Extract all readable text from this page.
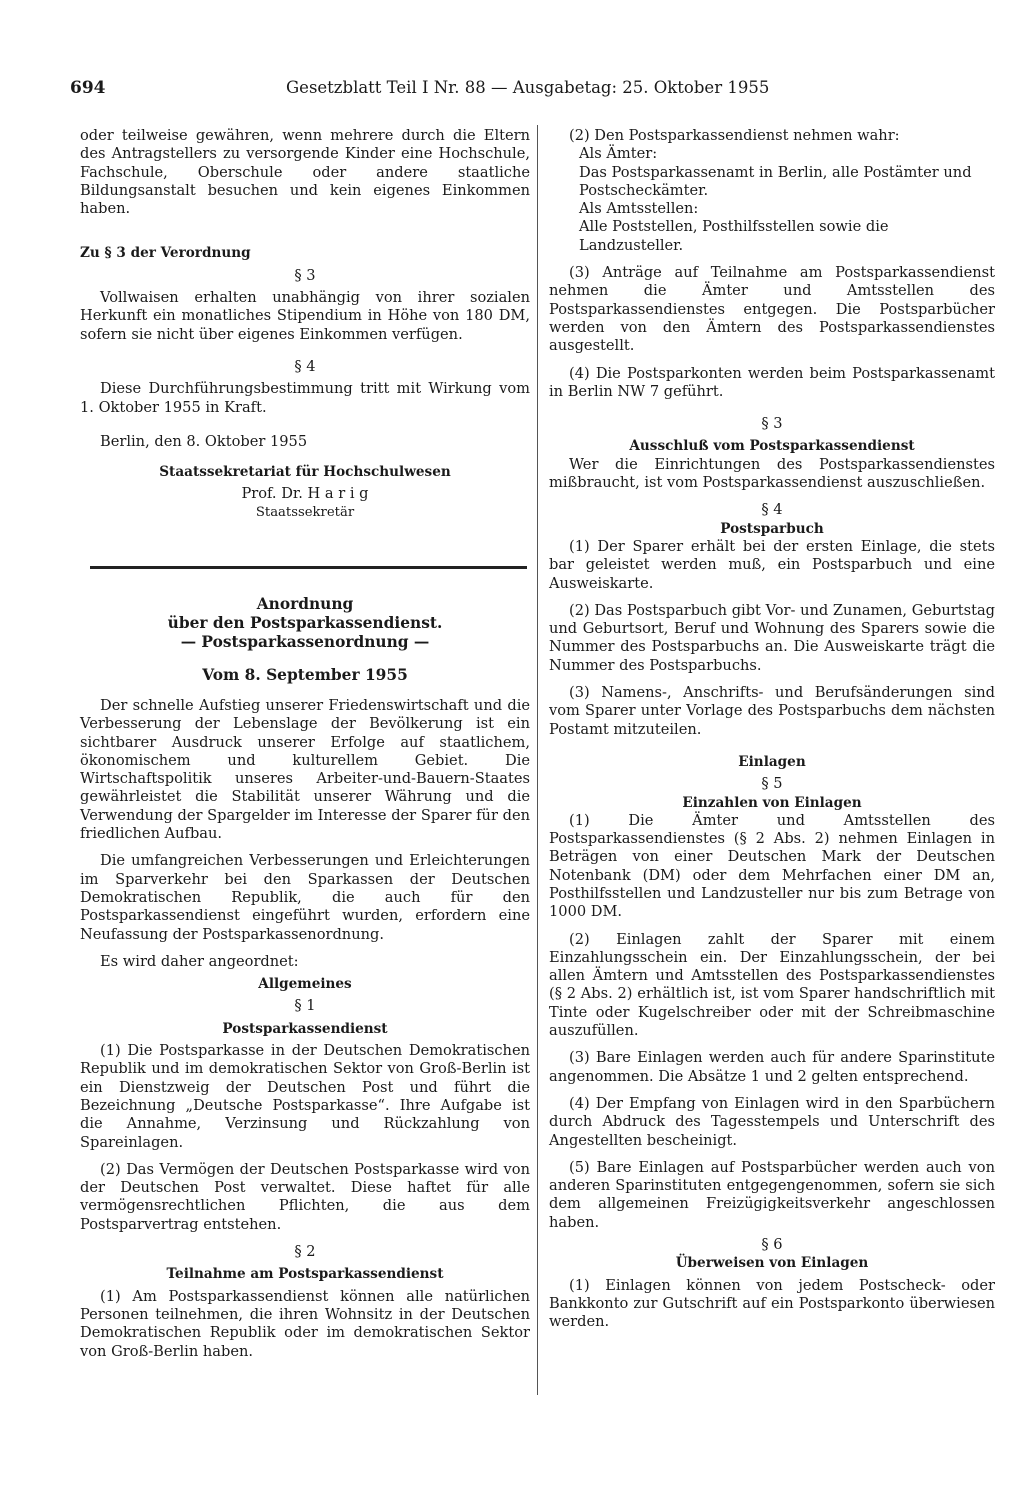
694	Gesetzblatt Teil I Nr. 88 — Ausgabetag: 25. Oktober 1955

oder teilweise gewähren, wenn mehrere durch die Eltern des Antragstellers zu versorgende Kinder eine Hochschule, Fachschule, Oberschule oder andere staatliche Bildungsanstalt besuchen und kein eigenes Einkommen haben.

Zu § 3 der Verordnung

§ 3

Vollwaisen erhalten unabhängig von ihrer sozialen Herkunft ein monatliches Stipendium in Höhe von 180 DM, sofern sie nicht über eigenes Einkommen verfügen.

§ 4

Diese Durchführungsbestimmung tritt mit Wirkung vom 1. Oktober 1955 in Kraft.

Berlin, den 8. Oktober 1955

Staatssekretariat für Hochschulwesen

Prof. Dr. H a r i g

Staatssekretär

Anordnung

über den Postsparkassendienst.

— Postsparkassenordnung —

Vom 8. September 1955

Der schnelle Aufstieg unserer Friedenswirtschaft und die Verbesserung der Lebenslage der Bevölkerung ist ein sichtbarer Ausdruck unserer Erfolge auf staatlichem, ökonomischem und kulturellem Gebiet. Die Wirtschaftspolitik unseres Arbeiter-und-Bauern-Staates gewährleistet die Stabilität unserer Währung und die Verwendung der Spargelder im Interesse der Sparer für den friedlichen Aufbau.

Die umfangreichen Verbesserungen und Erleichterungen im Sparverkehr bei den Sparkassen der Deutschen Demokratischen Republik, die auch für den Postsparkassendienst eingeführt wurden, erfordern eine Neufassung der Postsparkassenordnung.

Es wird daher angeordnet:

Allgemeines

§ 1

Postsparkassendienst

(1) Die Postsparkasse in der Deutschen Demokratischen Republik und im demokratischen Sektor von Groß-Berlin ist ein Dienstzweig der Deutschen Post und führt die Bezeichnung „Deutsche Postsparkasse“. Ihre Aufgabe ist die Annahme, Verzinsung und Rückzahlung von Spareinlagen.

(2) Das Vermögen der Deutschen Postsparkasse wird von der Deutschen Post verwaltet. Diese haftet für alle vermögensrechtlichen Pflichten, die aus dem Postsparvertrag entstehen.

§ 2

Teilnahme am Postsparkassendienst

(1) Am Postsparkassendienst können alle natürlichen Personen teilnehmen, die ihren Wohnsitz in der Deutschen Demokratischen Republik oder im demokratischen Sektor von Groß-Berlin haben.

(2) Den Postsparkassendienst nehmen wahr:

Als Ämter:

Das Postsparkassenamt in Berlin, alle Postämter und Postscheckämter.

Als Amtsstellen:

Alle Poststellen, Posthilfsstellen sowie die Landzusteller.

(3) Anträge auf Teilnahme am Postsparkassendienst nehmen die Ämter und Amtsstellen des Postsparkassendienstes entgegen. Die Postsparbücher werden von den Ämtern des Postsparkassendienstes ausgestellt.

(4) Die Postsparkonten werden beim Postsparkassenamt in Berlin NW 7 geführt.

§ 3

Ausschluß vom Postsparkassendienst

Wer die Einrichtungen des Postsparkassendienstes mißbraucht, ist vom Postsparkassendienst auszuschließen.

§ 4

Postsparbuch

(1) Der Sparer erhält bei der ersten Einlage, die stets bar geleistet werden muß, ein Postsparbuch und eine Ausweiskarte.

(2) Das Postsparbuch gibt Vor- und Zunamen, Geburtstag und Geburtsort, Beruf und Wohnung des Sparers sowie die Nummer des Postsparbuchs an. Die Ausweiskarte trägt die Nummer des Postsparbuchs.

(3) Namens-, Anschrifts- und Berufsänderungen sind vom Sparer unter Vorlage des Postsparbuchs dem nächsten Postamt mitzuteilen.

Einlagen

§ 5

Einzahlen von Einlagen

(1) Die Ämter und Amtsstellen des Postsparkassendienstes (§ 2 Abs. 2) nehmen Einlagen in Beträgen von einer Deutschen Mark der Deutschen Notenbank (DM) oder dem Mehrfachen einer DM an, Posthilfsstellen und Landzusteller nur bis zum Betrage von 1000 DM.

(2) Einlagen zahlt der Sparer mit einem Einzahlungsschein ein. Der Einzahlungsschein, der bei allen Ämtern und Amtsstellen des Postsparkassendienstes (§ 2 Abs. 2) erhältlich ist, ist vom Sparer handschriftlich mit Tinte oder Kugelschreiber oder mit der Schreibmaschine auszufüllen.

(3) Bare Einlagen werden auch für andere Sparinstitute angenommen. Die Absätze 1 und 2 gelten entsprechend.

(4) Der Empfang von Einlagen wird in den Sparbüchern durch Abdruck des Tagesstempels und Unterschrift des Angestellten bescheinigt.

(5) Bare Einlagen auf Postsparbücher werden auch von anderen Sparinstituten entgegengenommen, sofern sie sich dem allgemeinen Freizügigkeitsverkehr angeschlossen haben.

§ 6

Überweisen von Einlagen

(1) Einlagen können von jedem Postscheck- oder Bankkonto zur Gutschrift auf ein Postsparkonto überwiesen werden.
